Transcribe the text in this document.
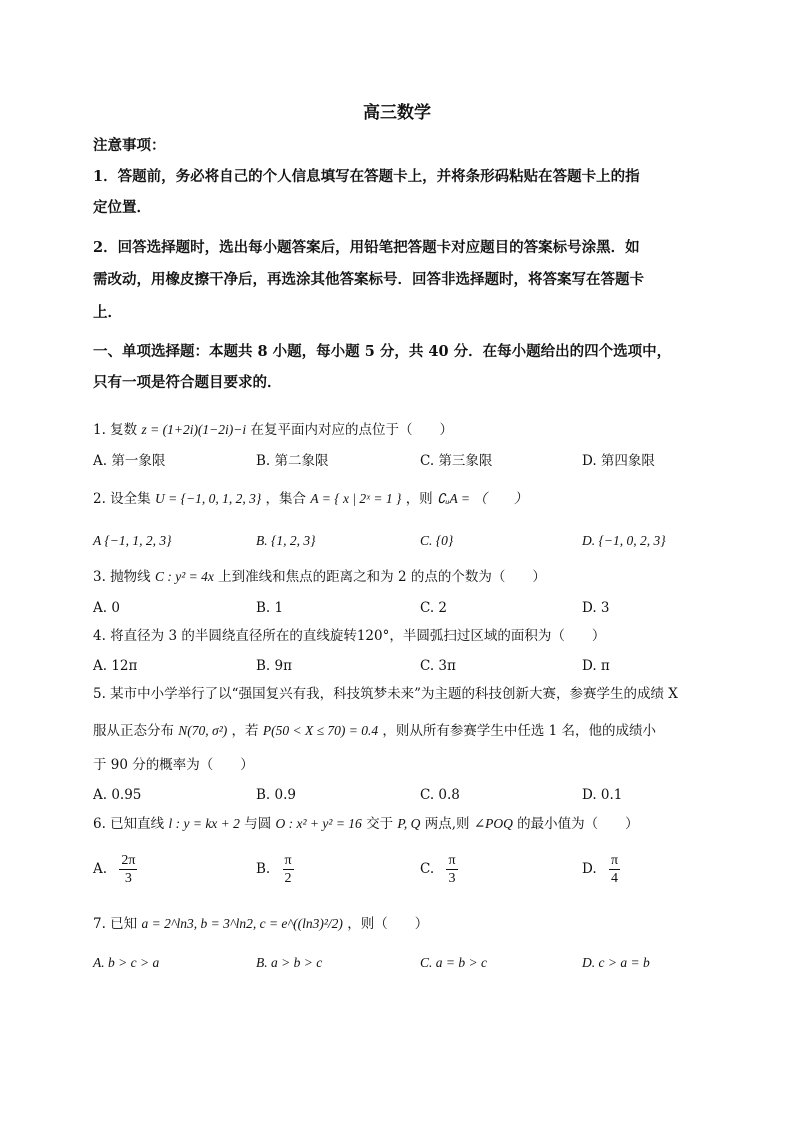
高三数学
注意事项：
1．答题前，务必将自己的个人信息填写在答题卡上，并将条形码粘贴在答题卡上的指
定位置．
2．回答选择题时，选出每小题答案后，用铅笔把答题卡对应题目的答案标号涂黑．如
需改动，用橡皮擦干净后，再选涂其他答案标号．回答非选择题时，将答案写在答题卡
上．
一、单项选择题：本题共 8 小题，每小题 5 分，共 40 分．在每小题给出的四个选项中，
只有一项是符合题目要求的．
1. 复数 z = (1+2i)(1−2i)−i 在复平面内对应的点位于（　　）
A. 第一象限	B. 第二象限	C. 第三象限	D. 第四象限
2. 设全集 U = {−1, 0, 1, 2, 3} ，集合 A = { x | 2ˣ = 1 } ，则 ∁ᵤA = （　　）
A {−1, 1, 2, 3}	B. {1, 2, 3}	C. {0}	D. {−1, 0, 2, 3}
3. 抛物线 C : y² = 4x 上到准线和焦点的距离之和为 2 的点的个数为（　　）
A. 0	B. 1	C. 2	D. 3
4. 将直径为 3 的半圆绕直径所在的直线旋转120°，半圆弧扫过区域的面积为（　　）
A. 12π	B. 9π	C. 3π	D. π
5. 某市中小学举行了以“强国复兴有我，科技筑梦未来”为主题的科技创新大赛，参赛学生的成绩 X
服从正态分布 N(70, σ²) ，若 P(50 < X ≤ 70) = 0.4 ，则从所有参赛学生中任选 1 名，他的成绩小
于 90 分的概率为（　　）
A. 0.95	B. 0.9	C. 0.8	D. 0.1
6. 已知直线 l : y = kx + 2 与圆 O : x² + y² = 16 交于 P, Q 两点,则 ∠POQ 的最小值为（　　）
A. $\frac{2\pi}{3}$	B. $\frac{\pi}{2}$	C. $\frac{\pi}{3}$	D. $\frac{\pi}{4}$
7. 已知 a = 2^ln3, b = 3^ln2, c = e^((ln3)²/2) ，则（　　）
A. b > c > a	B. a > b > c	C. a = b > c	D. c > a = b
